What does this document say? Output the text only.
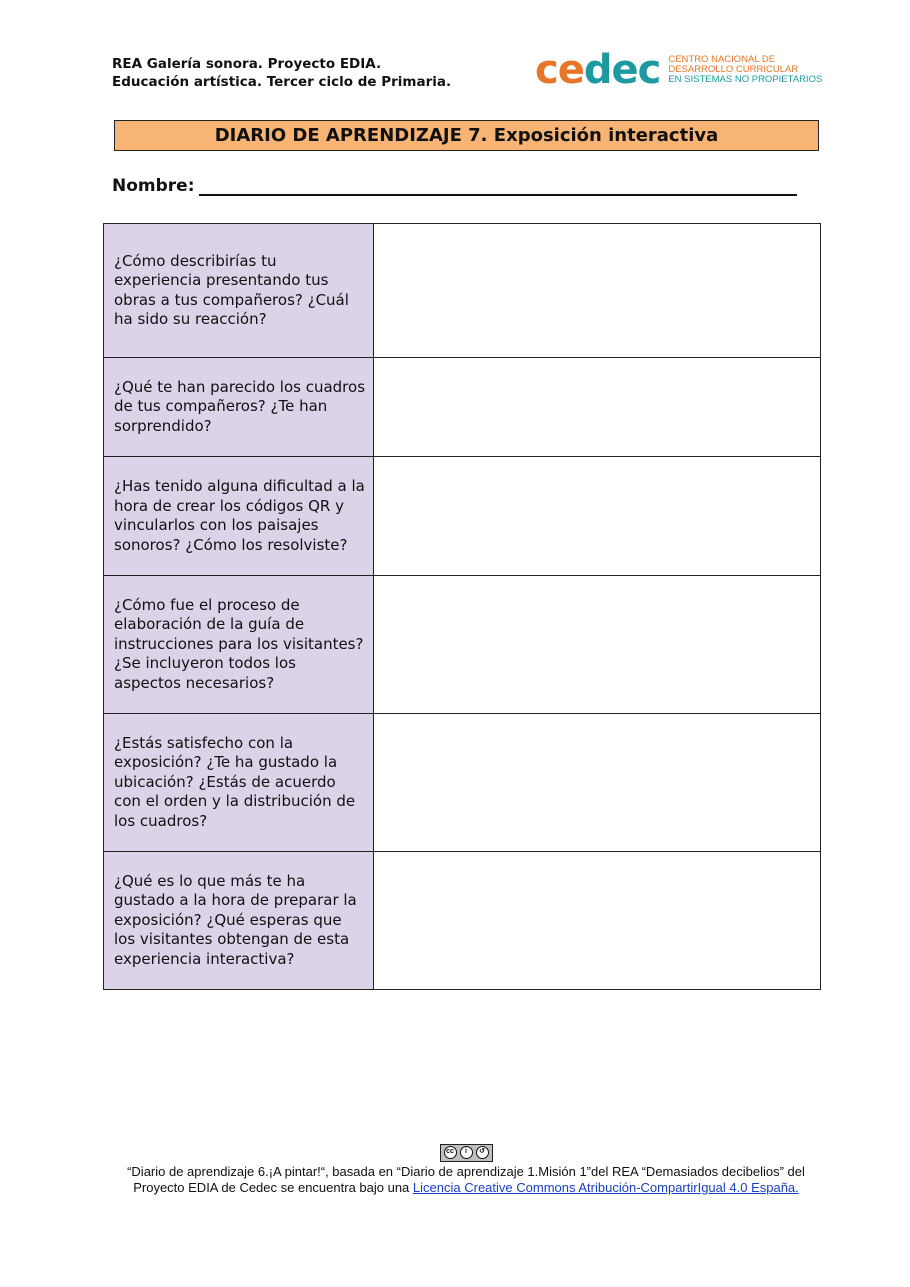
REA Galería sonora. Proyecto EDIA.
Educación artística. Tercer ciclo de Primaria. cedec CENTRO NACIONAL DE
DESARROLLO CURRICULAR
EN SISTEMAS NO PROPIETARIOS
DIARIO DE APRENDIZAJE 7. Exposición interactiva
Nombre:
¿Cómo describirías tu experiencia presentando tus obras a tus compañeros? ¿Cuál ha sido su reacción?	
¿Qué te han parecido los cuadros de tus compañeros? ¿Te han sorprendido?	
¿Has tenido alguna dificultad a la hora de crear los códigos QR y vincularlos con los paisajes sonoros? ¿Cómo los resolviste?	
¿Cómo fue el proceso de elaboración de la guía de instrucciones para los visitantes? ¿Se incluyeron todos los aspectos necesarios?	
¿Estás satisfecho con la exposición? ¿Te ha gustado la ubicación? ¿Estás de acuerdo con el orden y la distribución de los cuadros?	
¿Qué es lo que más te ha gustado a la hora de preparar la exposición? ¿Qué esperas que los visitantes obtengan de esta experiencia interactiva?	
cc	i	↺
“Diario de aprendizaje 6.¡A pintar!“, basada en “Diario de aprendizaje 1.Misión 1”del REA “Demasiados decibelios” del Proyecto EDIA de Cedec se encuentra bajo una Licencia Creative Commons Atribución-CompartirIgual 4.0 España.
